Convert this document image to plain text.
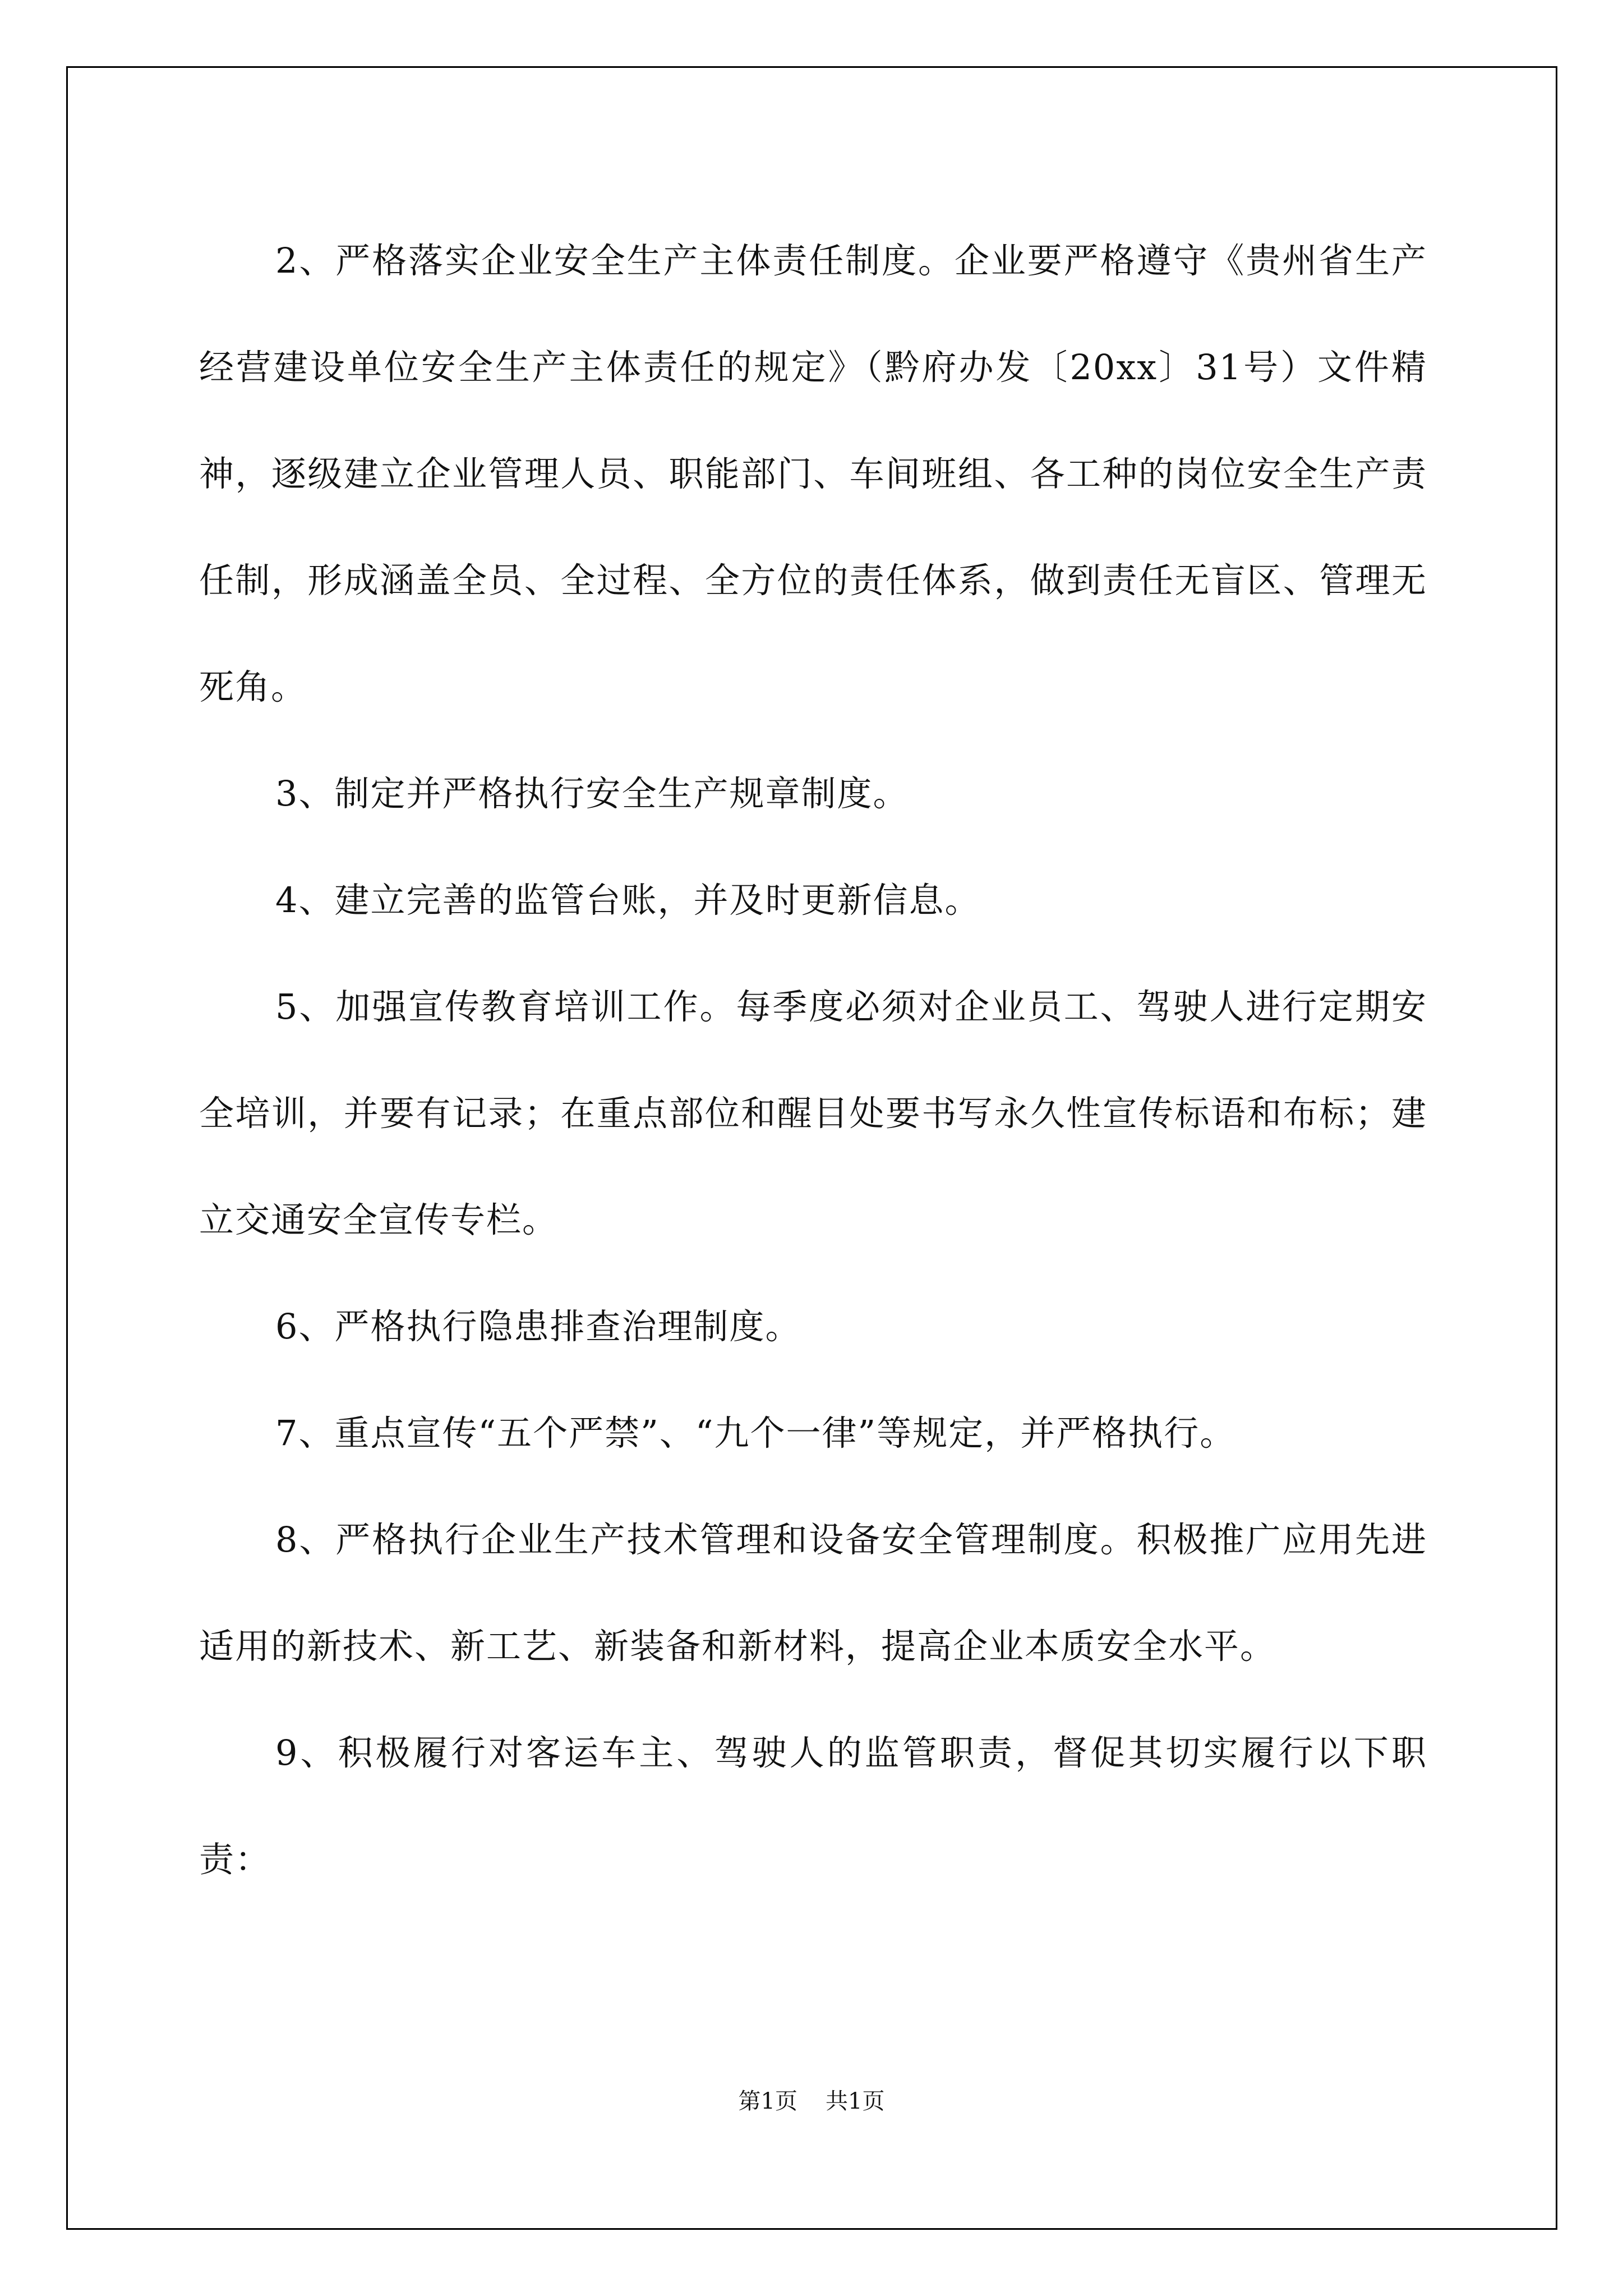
2、严格落实企业安全生产主体责任制度。企业要严格遵守《贵州省生产经营建设单位安全生产主体责任的规定》（黔府办发〔20xx〕31号）文件精神，逐级建立企业管理人员、职能部门、车间班组、各工种的岗位安全生产责任制，形成涵盖全员、全过程、全方位的责任体系，做到责任无盲区、管理无死角。

3、制定并严格执行安全生产规章制度。

4、建立完善的监管台账，并及时更新信息。

5、加强宣传教育培训工作。每季度必须对企业员工、驾驶人进行定期安全培训，并要有记录；在重点部位和醒目处要书写永久性宣传标语和布标；建立交通安全宣传专栏。

6、严格执行隐患排查治理制度。

7、重点宣传“五个严禁”、“九个一律”等规定，并严格执行。

8、严格执行企业生产技术管理和设备安全管理制度。积极推广应用先进适用的新技术、新工艺、新装备和新材料，提高企业本质安全水平。

9、积极履行对客运车主、驾驶人的监管职责，督促其切实履行以下职责：

第1页 共1页
